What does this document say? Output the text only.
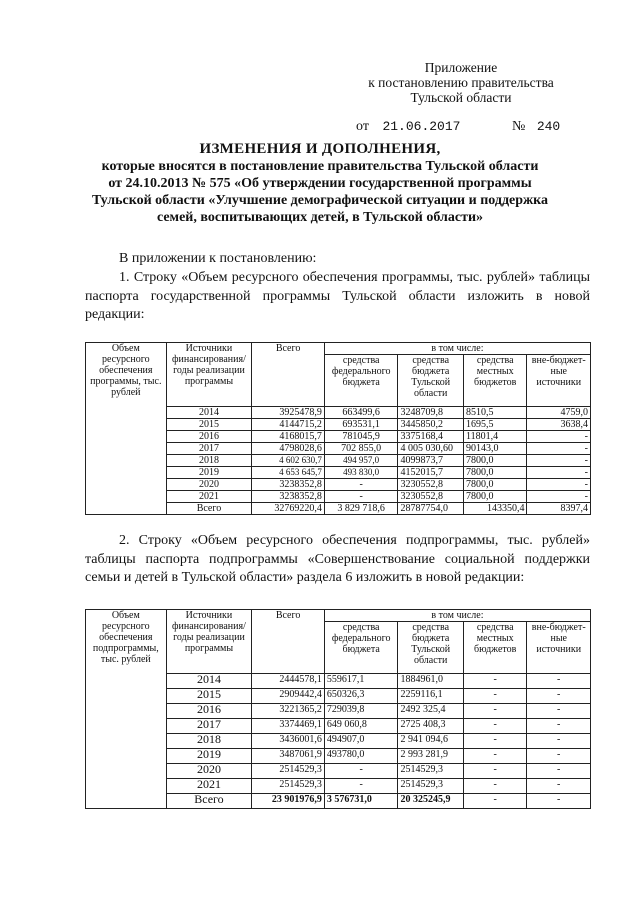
Приложение
к постановлению правительства
Тульской области
от 21.06.2017	№ 240
ИЗМЕНЕНИЯ И ДОПОЛНЕНИЯ,
которые вносятся в постановление правительства Тульской области
от 24.10.2013 № 575 «Об утверждении государственной программы
Тульской области «Улучшение демографической ситуации и поддержка
семей, воспитывающих детей, в Тульской области»
В приложении к постановлению:
1. Строку «Объем ресурсного обеспечения программы, тыс. рублей» таблицы паспорта государственной программы Тульской области изложить в новой редакции:
Объем ресурсного обеспечения программы, тыс. рублей	Источники финансирования/ годы реализации программы	Всего	в том числе:			
			средства федерального бюджета	средства бюджета Тульской области	средства местных бюджетов	вне-бюджет-ные источники
	2014	3925478,9	663499,6	3248709,8	8510,5	4759,0
	2015	4144715,2	693531,1	3445850,2	1695,5	3638,4
	2016	4168015,7	781045,9	3375168,4	11801,4	-
	2017	4798028,6	702 855,0	4 005 030,60	90143,0	-
	2018	4 602 630,7	494 957,0	4099873,7	7800,0	-
	2019	4 653 645,7	493 830,0	4152015,7	7800,0	-
	2020	3238352,8	-	3230552,8	7800,0	-
	2021	3238352,8	-	3230552,8	7800,0	-
	Всего	32769220,4	3 829 718,6	28787754,0	143350,4	8397,4
2. Строку «Объем ресурсного обеспечения подпрограммы, тыс. рублей» таблицы паспорта подпрограммы «Совершенствование социальной поддержки семьи и детей в Тульской области» раздела 6 изложить в новой редакции:
Объем ресурсного обеспечения подпрограммы, тыс. рублей	Источники финансирования/ годы реализации программы	Всего	в том числе:			
			средства федерального бюджета	средства бюджета Тульской области	средства местных бюджетов	вне-бюджет-ные источники
	2014	2444578,1	559617,1	1884961,0	-	-
	2015	2909442,4	650326,3	2259116,1	-	-
	2016	3221365,2	729039,8	2492 325,4	-	-
	2017	3374469,1	649 060,8	2725 408,3	-	-
	2018	3436001,6	494907,0	2 941 094,6	-	-
	2019	3487061,9	493780,0	2 993 281,9	-	-
	2020	2514529,3	-	2514529,3	-	-
	2021	2514529,3	-	2514529,3	-	-
	Всего	23 901976,9	3 576731,0	20 325245,9	-	-
